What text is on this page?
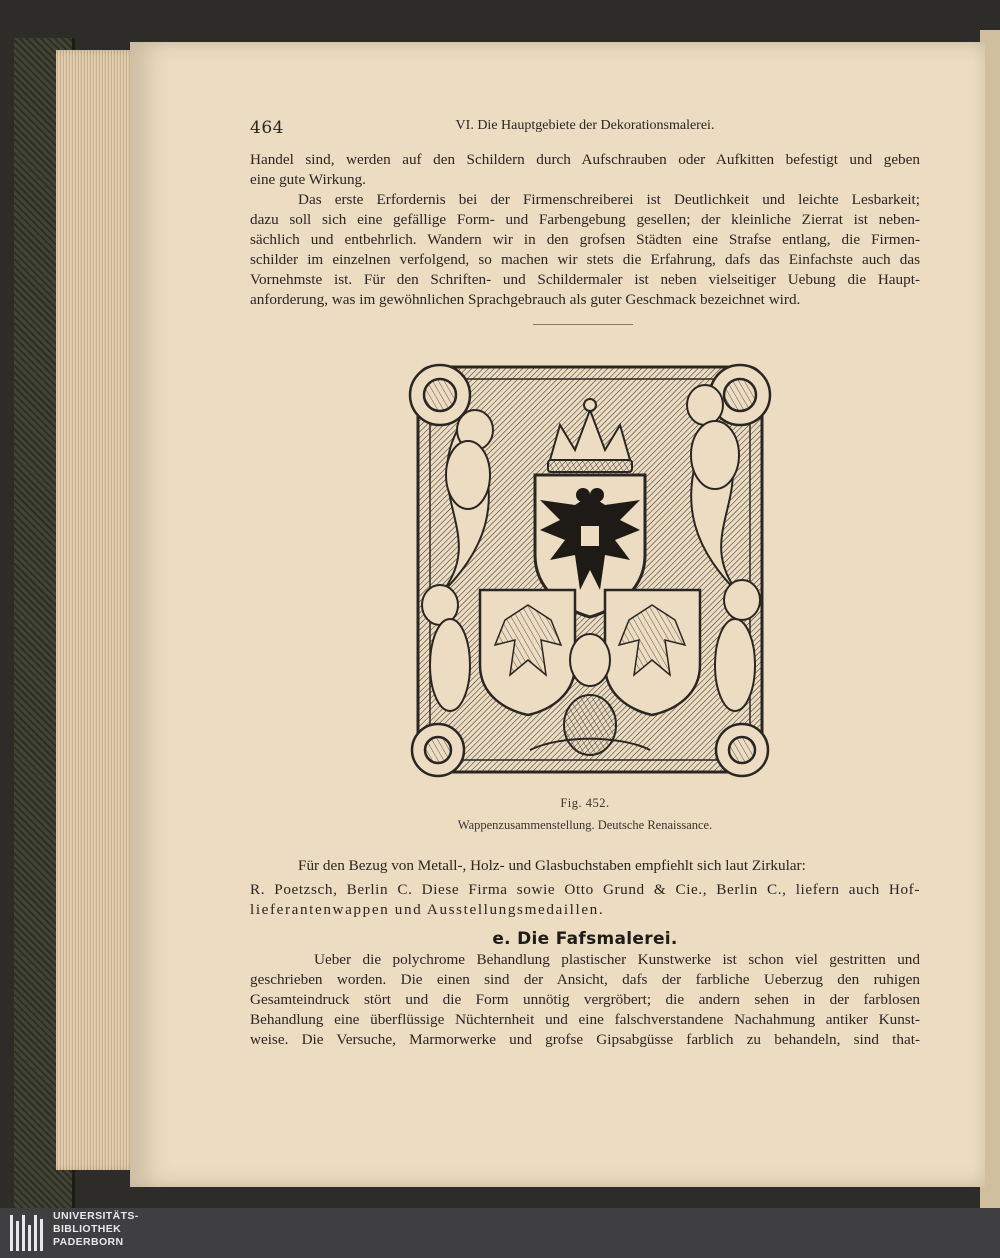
464	VI. Die Hauptgebiete der Dekorationsmalerei.
Handel sind, werden auf den Schildern durch Aufschrauben oder Aufkitten befestigt und geben
eine gute Wirkung.
Das erste Erfordernis bei der Firmenschreiberei ist Deutlichkeit und leichte Lesbarkeit;
dazu soll sich eine gefällige Form- und Farbengebung gesellen; der kleinliche Zierrat ist neben-
sächlich und entbehrlich. Wandern wir in den grofsen Städten eine Strafse entlang, die Firmen-
schilder im einzelnen verfolgend, so machen wir stets die Erfahrung, dafs das Einfachste auch das
Vornehmste ist. Für den Schriften- und Schildermaler ist neben vielseitiger Uebung die Haupt-
anforderung, was im gewöhnlichen Sprachgebrauch als guter Geschmack bezeichnet wird.
Fig. 452.
Wappenzusammenstellung. Deutsche Renaissance.
Für den Bezug von Metall-, Holz- und Glasbuchstaben empfiehlt sich laut Zirkular:
R. Poetzsch, Berlin C. Diese Firma sowie Otto Grund & Cie., Berlin C., liefern auch Hof-
lieferantenwappen und Ausstellungsmedaillen.
e. Die Fafsmalerei.
Ueber die polychrome Behandlung plastischer Kunstwerke ist schon viel gestritten und
geschrieben worden. Die einen sind der Ansicht, dafs der farbliche Ueberzug den ruhigen
Gesamteindruck stört und die Form unnötig vergröbert; die andern sehen in der farblosen
Behandlung eine überflüssige Nüchternheit und eine falschverstandene Nachahmung antiker Kunst-
weise. Die Versuche, Marmorwerke und grofse Gipsabgüsse farblich zu behandeln, sind that-
UNIVERSITÄTS-
BIBLIOTHEK
PADERBORN
